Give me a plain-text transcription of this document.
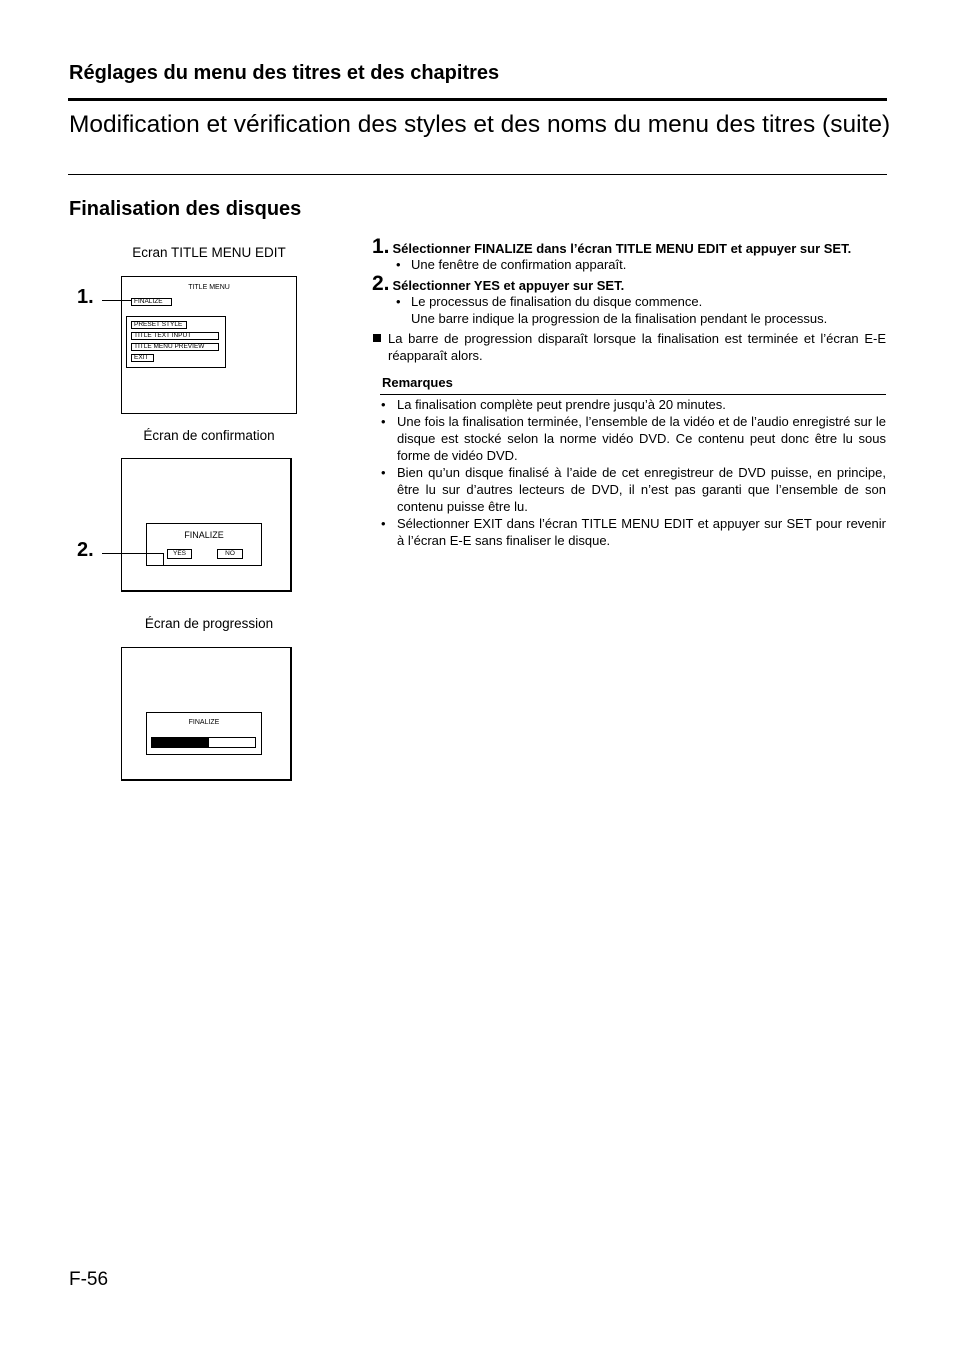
Réglages du menu des titres et des chapitres
Modification et vérification des styles et des noms du menu des titres (suite)
Finalisation des disques
Ecran TITLE MENU EDIT
TITLE MENU
FINALIZE
PRESET STYLE
TITLE TEXT INPUT
TITLE MENU PREVIEW
EXIT
1.
Écran de confirmation
FINALIZE
YES	NO
2.
Écran de progression
FINALIZE
1. Sélectionner FINALIZE dans l’écran TITLE MENU EDIT et appuyer sur SET.
• Une fenêtre de confirmation apparaît.
2. Sélectionner YES et appuyer sur SET.
• Le processus de finalisation du disque commence.
Une barre indique la progression de la finalisation pendant le processus.
La barre de progression disparaît lorsque la finalisation est terminée et l’écran E-E réapparaît alors.
Remarques
• La finalisation complète peut prendre jusqu’à 20 minutes.
• Une fois la finalisation terminée, l’ensemble de la vidéo et de l’audio enregistré sur le disque est stocké selon la norme vidéo DVD. Ce contenu peut donc être lu sous forme de vidéo DVD.
• Bien qu’un disque finalisé à l’aide de cet enregistreur de DVD puisse, en principe, être lu sur d’autres lecteurs de DVD, il n’est pas garanti que l’ensemble de son contenu puisse être lu.
• Sélectionner EXIT dans l’écran TITLE MENU EDIT et appuyer sur SET pour revenir à l’écran E-E sans finaliser le disque.
F-56
